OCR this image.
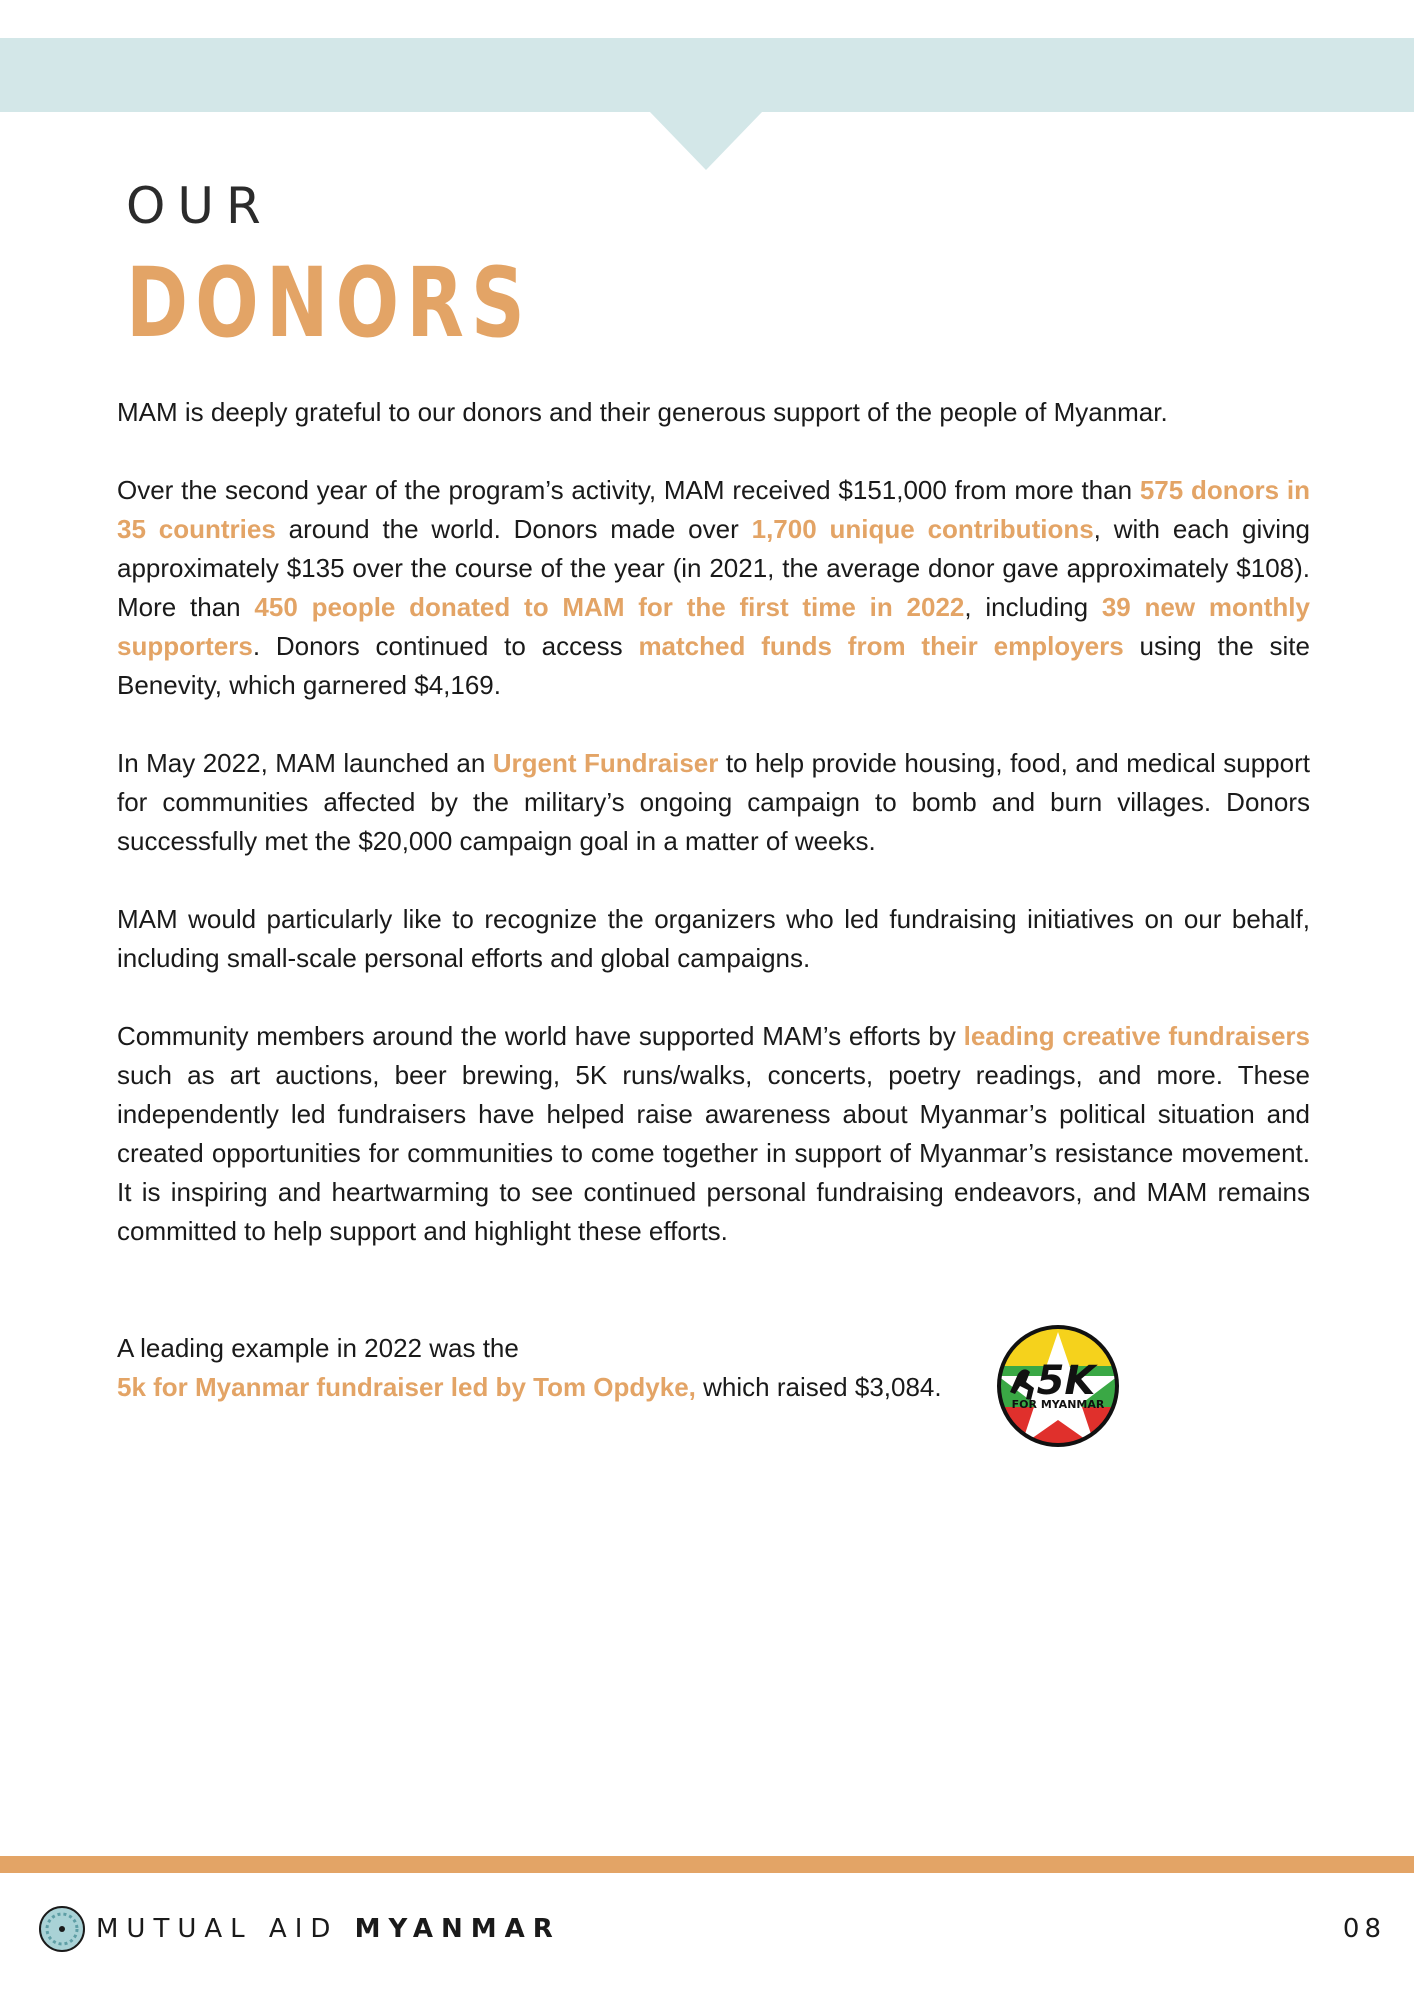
OUR
DONORS

MAM is deeply grateful to our donors and their generous support of the people of Myanmar.

Over the second year of the program’s activity, MAM received $151,000 from more than 575 donors in 35 countries around the world. Donors made over 1,700 unique contributions, with each giving approximately $135 over the course of the year (in 2021, the average donor gave approximately $108). More than 450 people donated to MAM for the first time in 2022, including 39 new monthly supporters. Donors continued to access matched funds from their employers using the site Benevity, which garnered $4,169.

In May 2022, MAM launched an Urgent Fundraiser to help provide housing, food, and medical support for communities affected by the military’s ongoing campaign to bomb and burn villages. Donors successfully met the $20,000 campaign goal in a matter of weeks.

MAM would particularly like to recognize the organizers who led fundraising initiatives on our behalf, including small-scale personal efforts and global campaigns.

Community members around the world have supported MAM’s efforts by leading creative fundraisers such as art auctions, beer brewing, 5K runs/walks, concerts, poetry readings, and more. These independently led fundraisers have helped raise awareness about Myanmar’s political situation and created opportunities for communities to come together in support of Myanmar’s resistance movement. It is inspiring and heartwarming to see continued personal fundraising endeavors, and MAM remains committed to help support and highlight these efforts.

A leading example in 2022 was the
5k for Myanmar fundraiser led by Tom Opdyke, which raised $3,084. 5K
FOR MYANMAR
MUTUAL AID MYANMAR	08
